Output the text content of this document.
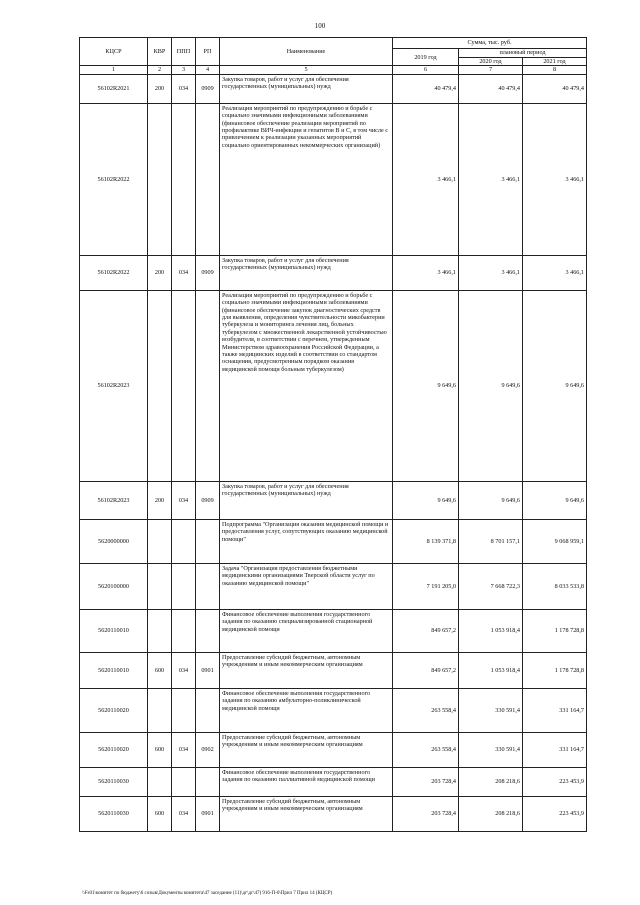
100
КЦСР	КВР	ППП	РП	Наименование	Сумма, тыс. руб.		
					2019 год	плановый период	
						2020 год	2021 год
1	2	3	4	5	6	7	8
56102R2021	200	034	0909	Закупка товаров, работ и услуг для обеспечения государственных (муниципальных) нужд	40 479,4	40 479,4	40 479,4
56102R2022				Реализация мероприятий по предупреждению и борьбе с социально значимыми инфекционными заболеваниями (финансовое обеспечение реализации мероприятий по профилактике ВИЧ-инфекции и гепатитов В и С, в том числе с привлечением к реализации указанных мероприятий социально ориентированных некоммерческих организаций)	3 466,1	3 466,1	3 466,1
56102R2022	200	034	0909	Закупка товаров, работ и услуг для обеспечения государственных (муниципальных) нужд	3 466,1	3 466,1	3 466,1
56102R2023				Реализация мероприятий по предупреждению и борьбе с социально значимыми инфекционными заболеваниями (финансовое обеспечение закупок диагностических средств для выявления, определения чувствительности микобактерии туберкулеза и мониторинга лечения лиц, больных туберкулезом с множественной лекарственной устойчивостью возбудителя, в соответствии с перечнем, утвержденным Министерством здравоохранения Российской Федерации, а также медицинских изделий в соответствии со стандартом оснащения, предусмотренным порядком оказания медицинской помощи больным туберкулезом)	9 649,6	9 649,6	9 649,6
56102R2023	200	034	0909	Закупка товаров, работ и услуг для обеспечения государственных (муниципальных) нужд	9 649,6	9 649,6	9 649,6
5620000000				Подпрограмма "Организация оказания медицинской помощи и предоставления услуг, сопутствующих оказанию медицинской помощи"	8 139 371,8	8 701 157,1	9 068 959,1
5620100000				Задача "Организация предоставления бюджетными медицинскими организациями Тверской области услуг по оказанию медицинской помощи"	7 191 205,0	7 668 722,3	8 033 533,8
5620110010				Финансовое обеспечение выполнения государственного задания по оказанию специализированной стационарной медицинской помощи	849 657,2	1 053 918,4	1 178 728,8
5620110010	600	034	0901	Предоставление субсидий бюджетным, автономным учреждениям и иным некоммерческим организациям	849 657,2	1 053 918,4	1 178 728,8
5620110020				Финансовое обеспечение выполнения государственного задания по оказанию амбулаторно-поликлинической медицинской помощи	263 558,4	330 591,4	331 164,7
5620110020	600	034	0902	Предоставление субсидий бюджетным, автономным учреждениям и иным некоммерческим организациям	263 558,4	330 591,4	331 164,7
5620110030				Финансовое обеспечение выполнения государственного задания по оказанию паллиативной медицинской помощи	203 728,4	208 218,6	223 453,9
5620110030	600	034	0901	Предоставление субсидий бюджетным, автономным учреждениям и иным некоммерческим организациям	203 728,4	208 218,6	223 453,9
\\Fs01\комитет по бюджету\6 созыв\Документы комитета\47 заседание (11)\дг\дг\47) 916-П-6\Прил 7 Прил 14 (КЦСР)
